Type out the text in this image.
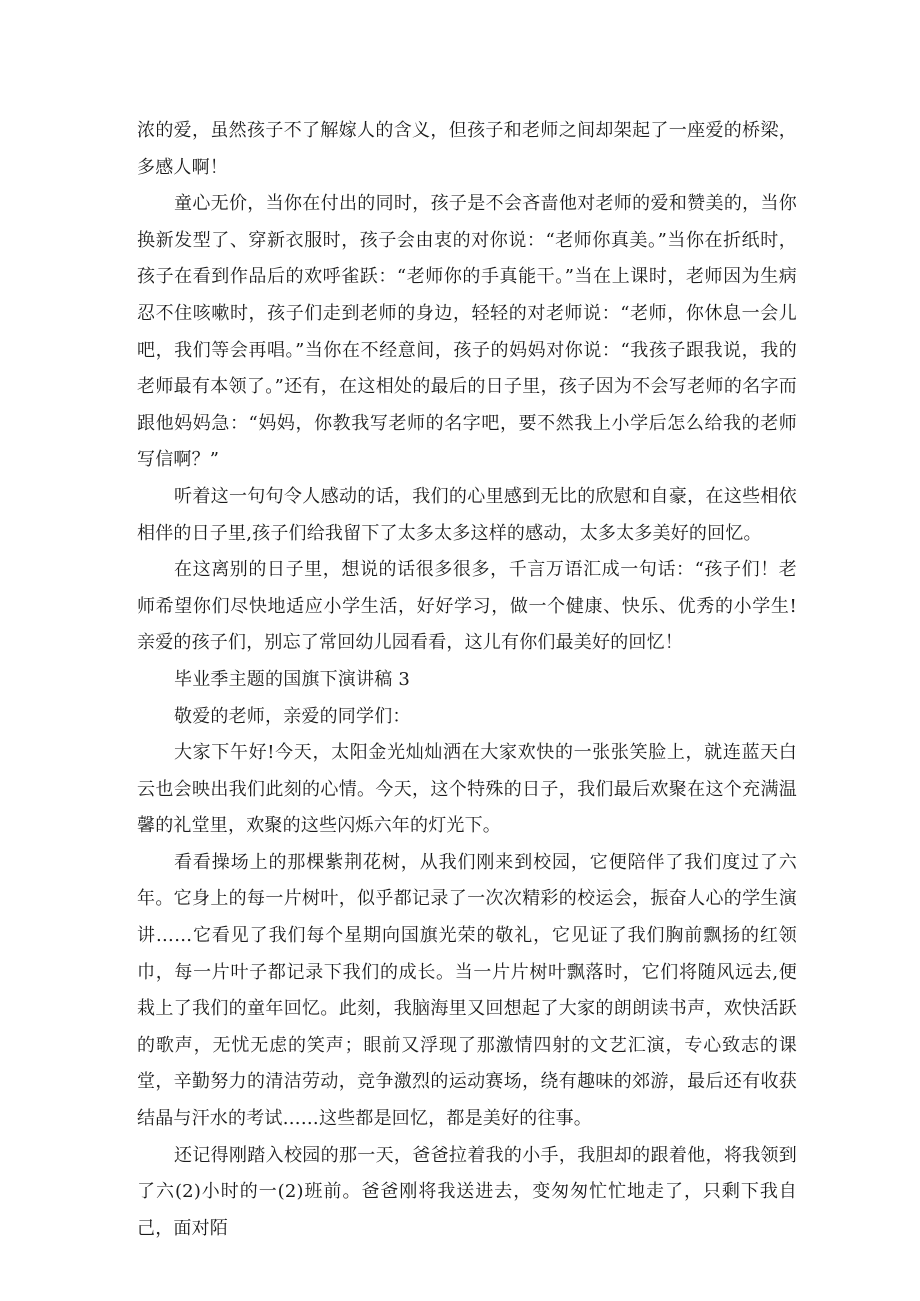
浓的爱，虽然孩子不了解嫁人的含义，但孩子和老师之间却架起了一座爱的桥梁，多感人啊！

童心无价，当你在付出的同时，孩子是不会吝啬他对老师的爱和赞美的，当你换新发型了、穿新衣服时，孩子会由衷的对你说：“老师你真美。”当你在折纸时，孩子在看到作品后的欢呼雀跃：“老师你的手真能干。”当在上课时，老师因为生病忍不住咳嗽时，孩子们走到老师的身边，轻轻的对老师说：“老师，你休息一会儿吧，我们等会再唱。”当你在不经意间，孩子的妈妈对你说：“我孩子跟我说，我的老师最有本领了。”还有，在这相处的最后的日子里，孩子因为不会写老师的名字而跟他妈妈急：“妈妈，你教我写老师的名字吧，要不然我上小学后怎么给我的老师写信啊？”

听着这一句句令人感动的话，我们的心里感到无比的欣慰和自豪，在这些相依相伴的日子里,孩子们给我留下了太多太多这样的感动，太多太多美好的回忆。

在这离别的日子里，想说的话很多很多，千言万语汇成一句话：“孩子们！老师希望你们尽快地适应小学生活，好好学习，做一个健康、快乐、优秀的小学生!亲爱的孩子们，别忘了常回幼儿园看看，这儿有你们最美好的回忆！

毕业季主题的国旗下演讲稿 3

敬爱的老师，亲爱的同学们：

大家下午好!今天，太阳金光灿灿洒在大家欢快的一张张笑脸上，就连蓝天白云也会映出我们此刻的心情。今天，这个特殊的日子，我们最后欢聚在这个充满温馨的礼堂里，欢聚的这些闪烁六年的灯光下。

看看操场上的那棵紫荆花树，从我们刚来到校园，它便陪伴了我们度过了六年。它身上的每一片树叶，似乎都记录了一次次精彩的校运会，振奋人心的学生演讲……它看见了我们每个星期向国旗光荣的敬礼，它见证了我们胸前飘扬的红领巾，每一片叶子都记录下我们的成长。当一片片树叶飘落时，它们将随风远去,便栽上了我们的童年回忆。此刻，我脑海里又回想起了大家的朗朗读书声，欢快活跃的歌声，无忧无虑的笑声；眼前又浮现了那激情四射的文艺汇演，专心致志的课堂，辛勤努力的清洁劳动，竞争激烈的运动赛场，绕有趣味的郊游，最后还有收获结晶与汗水的考试……这些都是回忆，都是美好的往事。

还记得刚踏入校园的那一天，爸爸拉着我的小手，我胆却的跟着他，将我领到了六(2)小时的一(2)班前。爸爸刚将我送进去，变匆匆忙忙地走了，只剩下我自己，面对陌
